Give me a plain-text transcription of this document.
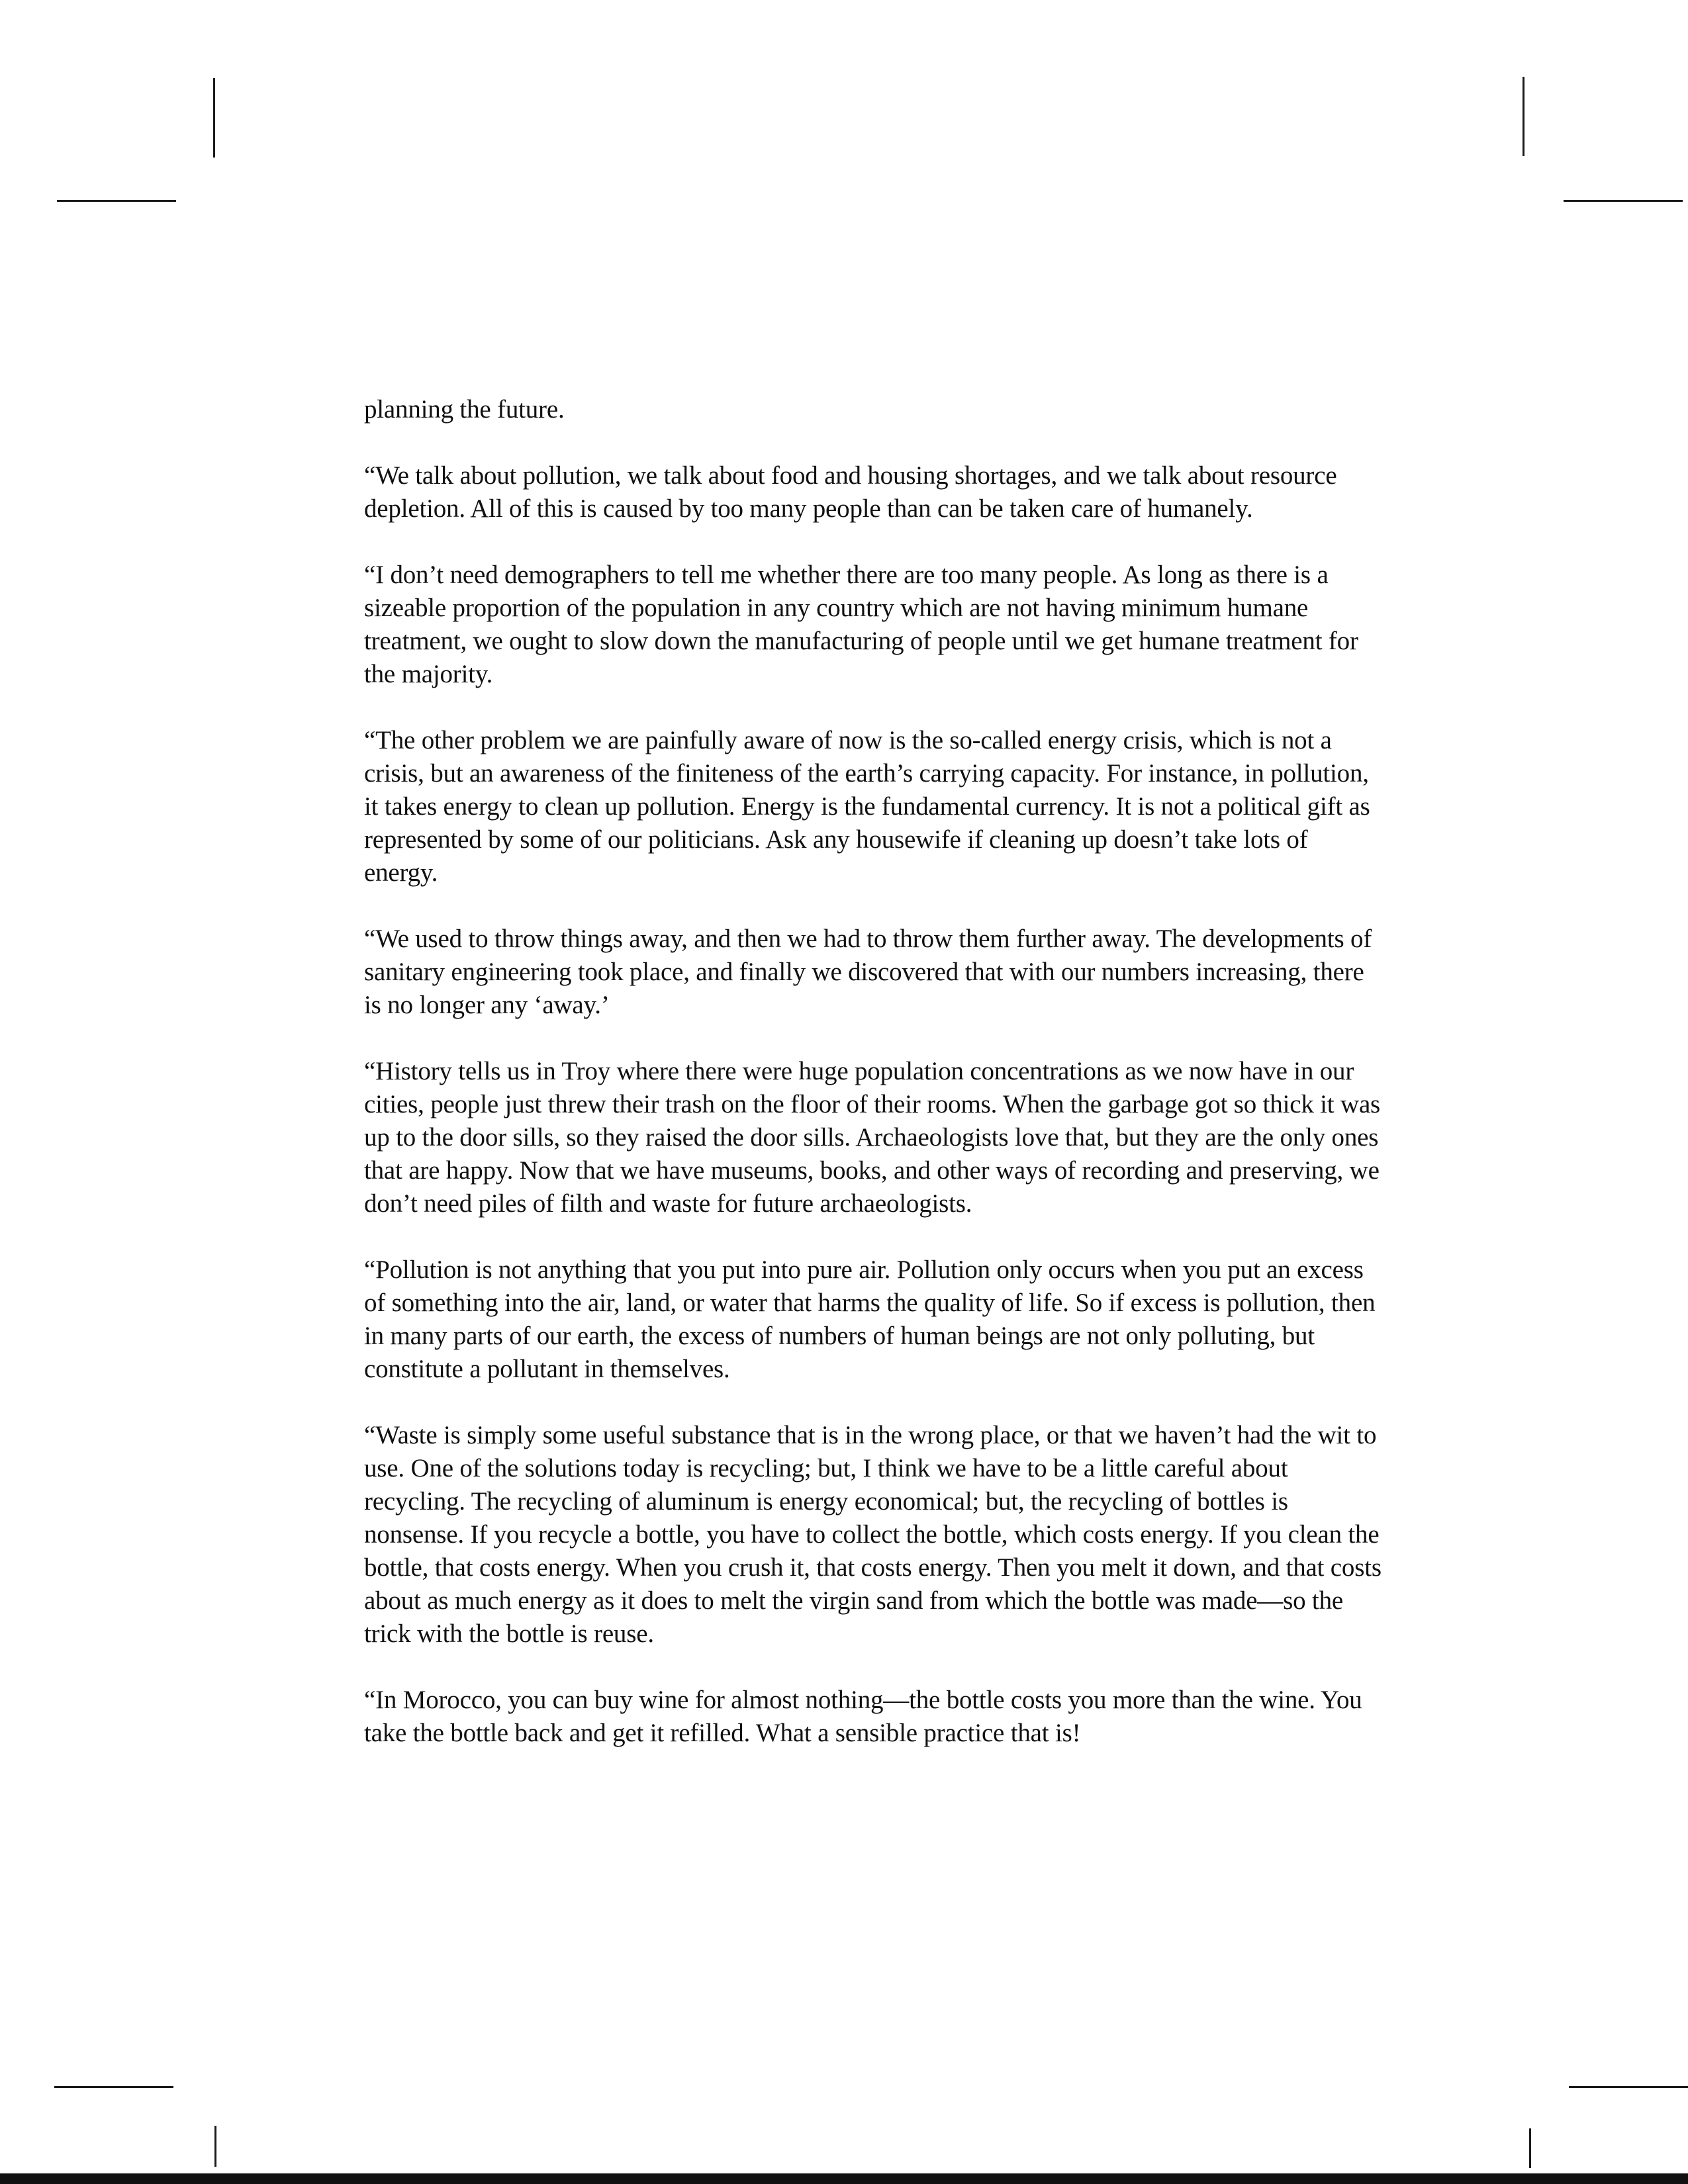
planning the future.

“We talk about pollution, we talk about food and housing shortages, and we talk about resource depletion. All of this is caused by too many people than can be taken care of humanely.

“I don’t need demographers to tell me whether there are too many people. As long as there is a sizeable proportion of the population in any country which are not having minimum humane treatment, we ought to slow down the manufacturing of people until we get humane treatment for the majority.

“The other problem we are painfully aware of now is the so-called energy crisis, which is not a crisis, but an awareness of the finiteness of the earth’s carrying capacity. For instance, in pollution, it takes energy to clean up pollution. Energy is the fundamental currency. It is not a political gift as represented by some of our politicians. Ask any housewife if cleaning up doesn’t take lots of energy.

“We used to throw things away, and then we had to throw them further away. The developments of sanitary engineering took place, and finally we discovered that with our numbers increasing, there is no longer any ‘away.’

“History tells us in Troy where there were huge population concentrations as we now have in our cities, people just threw their trash on the floor of their rooms. When the garbage got so thick it was up to the door sills, so they raised the door sills. Archaeologists love that, but they are the only ones that are happy. Now that we have museums, books, and other ways of recording and preserving, we don’t need piles of filth and waste for future archaeologists.

“Pollution is not anything that you put into pure air. Pollution only occurs when you put an excess of something into the air, land, or water that harms the quality of life. So if excess is pollution, then in many parts of our earth, the excess of numbers of human beings are not only polluting, but constitute a pollutant in themselves.

“Waste is simply some useful substance that is in the wrong place, or that we haven’t had the wit to use. One of the solutions today is recycling; but, I think we have to be a little careful about recycling. The recycling of aluminum is energy economical; but, the recycling of bottles is nonsense. If you recycle a bottle, you have to collect the bottle, which costs energy. If you clean the bottle, that costs energy. When you crush it, that costs energy. Then you melt it down, and that costs about as much energy as it does to melt the virgin sand from which the bottle was made—so the trick with the bottle is reuse.

“In Morocco, you can buy wine for almost nothing—the bottle costs you more than the wine. You take the bottle back and get it refilled. What a sensible practice that is!
